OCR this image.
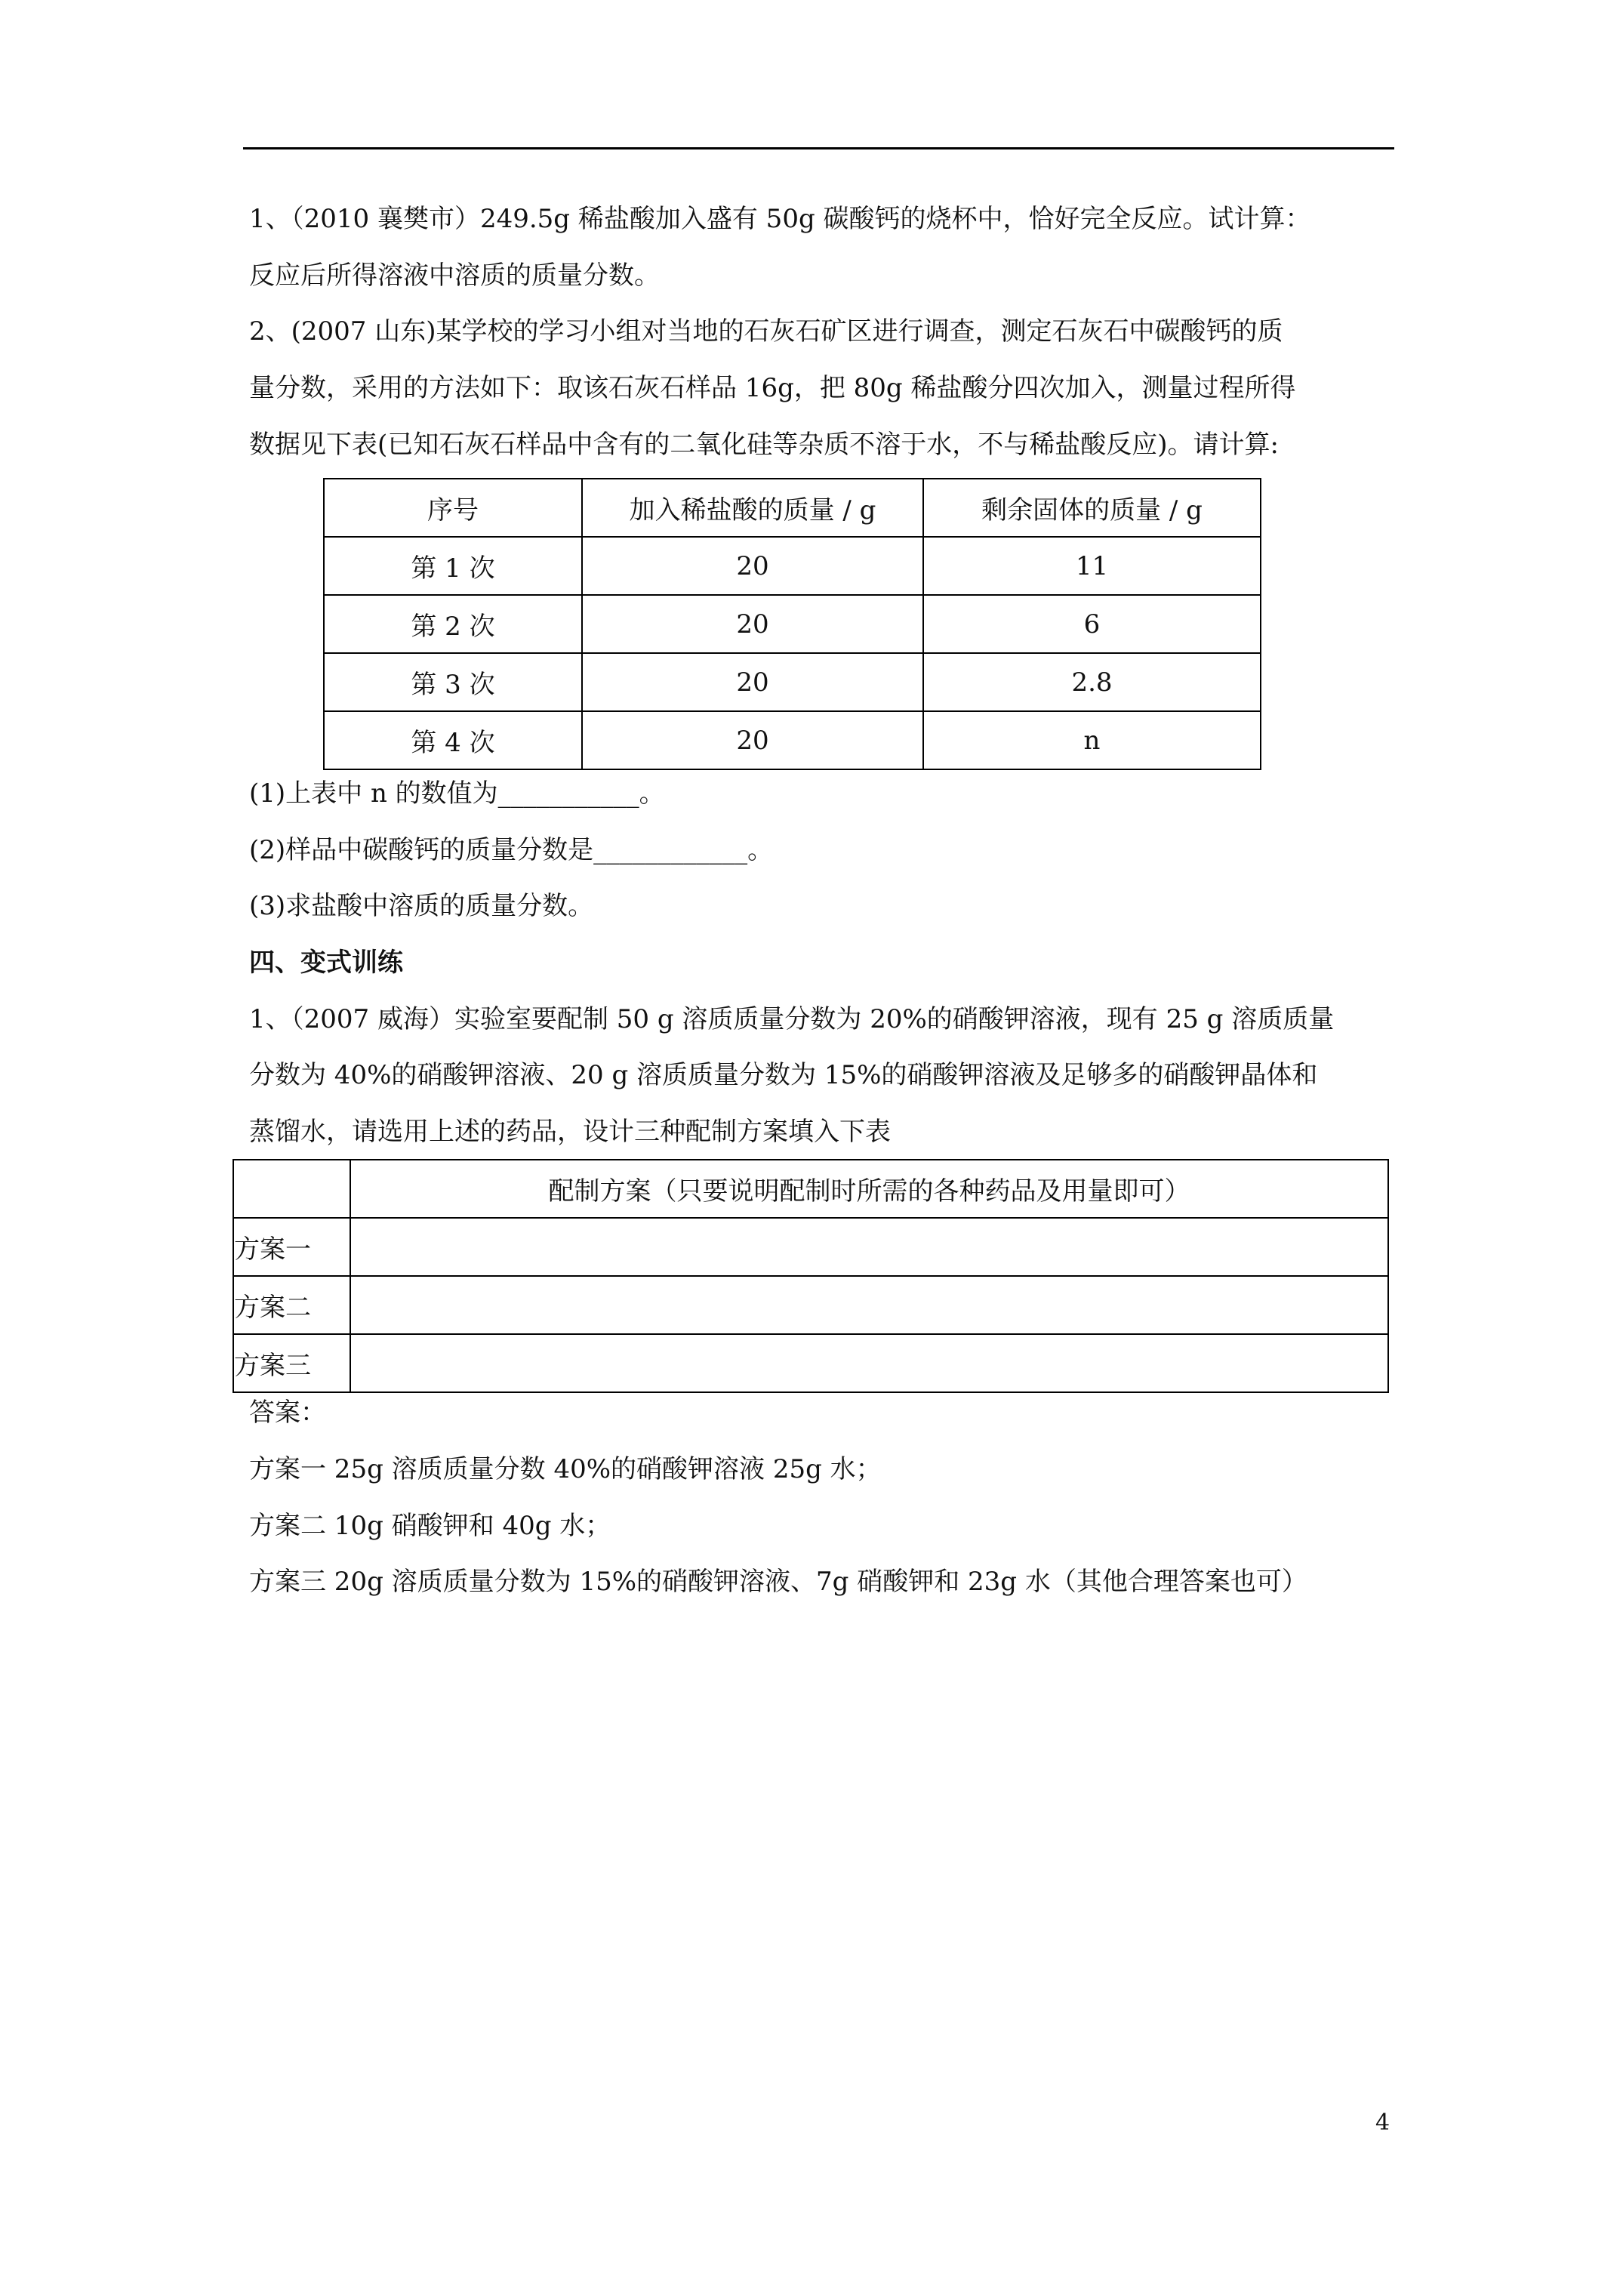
1、（2010 襄樊市）249.5g 稀盐酸加入盛有 50g 碳酸钙的烧杯中，恰好完全反应。试计算：
反应后所得溶液中溶质的质量分数。
2、(2007 山东)某学校的学习小组对当地的石灰石矿区进行调查，测定石灰石中碳酸钙的质
量分数，采用的方法如下：取该石灰石样品 16g，把 80g 稀盐酸分四次加入，测量过程所得
数据见下表(已知石灰石样品中含有的二氧化硅等杂质不溶于水，不与稀盐酸反应)。请计算:
序号	加入稀盐酸的质量 / g	剩余固体的质量 / g
第 1 次	20	11
第 2 次	20	6
第 3 次	20	2.8
第 4 次	20	n
(1)上表中 n 的数值为___________。
(2)样品中碳酸钙的质量分数是____________。
(3)求盐酸中溶质的质量分数。
四、变式训练
1、（2007 威海）实验室要配制 50 g 溶质质量分数为 20%的硝酸钾溶液，现有 25 g 溶质质量
分数为 40%的硝酸钾溶液、20 g 溶质质量分数为 15%的硝酸钾溶液及足够多的硝酸钾晶体和
蒸馏水，请选用上述的药品，设计三种配制方案填入下表
	配制方案（只要说明配制时所需的各种药品及用量即可）
方案一	
方案二	
方案三	
答案：
方案一 25g 溶质质量分数 40%的硝酸钾溶液 25g 水；
方案二 10g 硝酸钾和 40g 水；
方案三 20g 溶质质量分数为 15%的硝酸钾溶液、7g 硝酸钾和 23g 水（其他合理答案也可）
4
